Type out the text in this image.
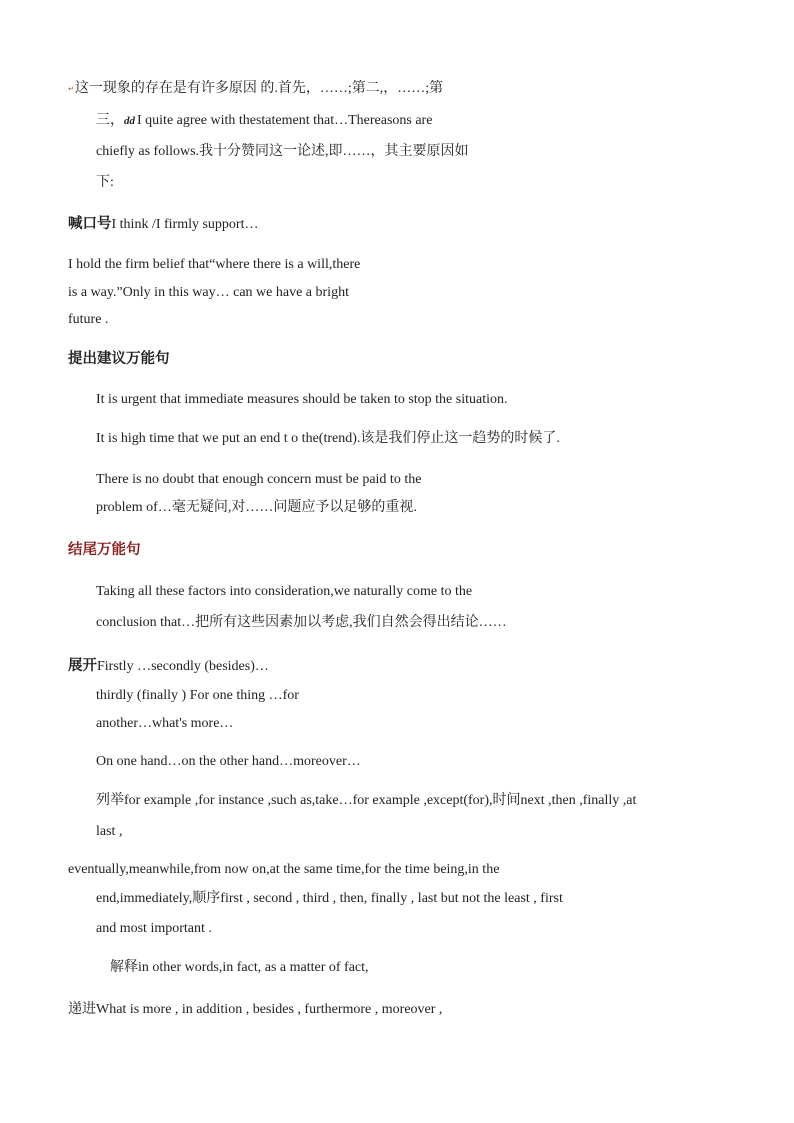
↵这一现象的存在是有许多原因 的.首先，……;第二,，……;第
三，dd I quite agree with thestatement that…Thereasons are
chiefly as follows.我十分赞同这一论述,即……，其主要原因如
下:
喊口号I think /I firmly support…
I hold the firm belief that“where there is a will,there
is a way.”Only in this way… can we have a bright
future .
提出建议万能句
It is urgent that immediate measures should be taken to stop the situation.
It is high time that we put an end t o the(trend).该是我们停止这一趋势的时候了.
There is no doubt that enough concern must be paid to the
problem of…毫无疑问,对……问题应予以足够的重视.
结尾万能句
Taking all these factors into consideration,we naturally come to the
conclusion that…把所有这些因素加以考虑,我们自然会得出结论……
展开Firstly …secondly (besides)…
thirdly (finally ) For one thing …for
another…what's more…
On one hand…on the other hand…moreover…
列举for example ,for instance ,such as,take…for example ,except(for),时间next ,then ,finally ,at
last ,
eventually,meanwhile,from now on,at the same time,for the time being,in the
end,immediately,顺序first , second , third , then, finally , last but not the least , first
and most important .
解释in other words,in fact, as a matter of fact,
递进What is more , in addition , besides , furthermore , moreover ,
